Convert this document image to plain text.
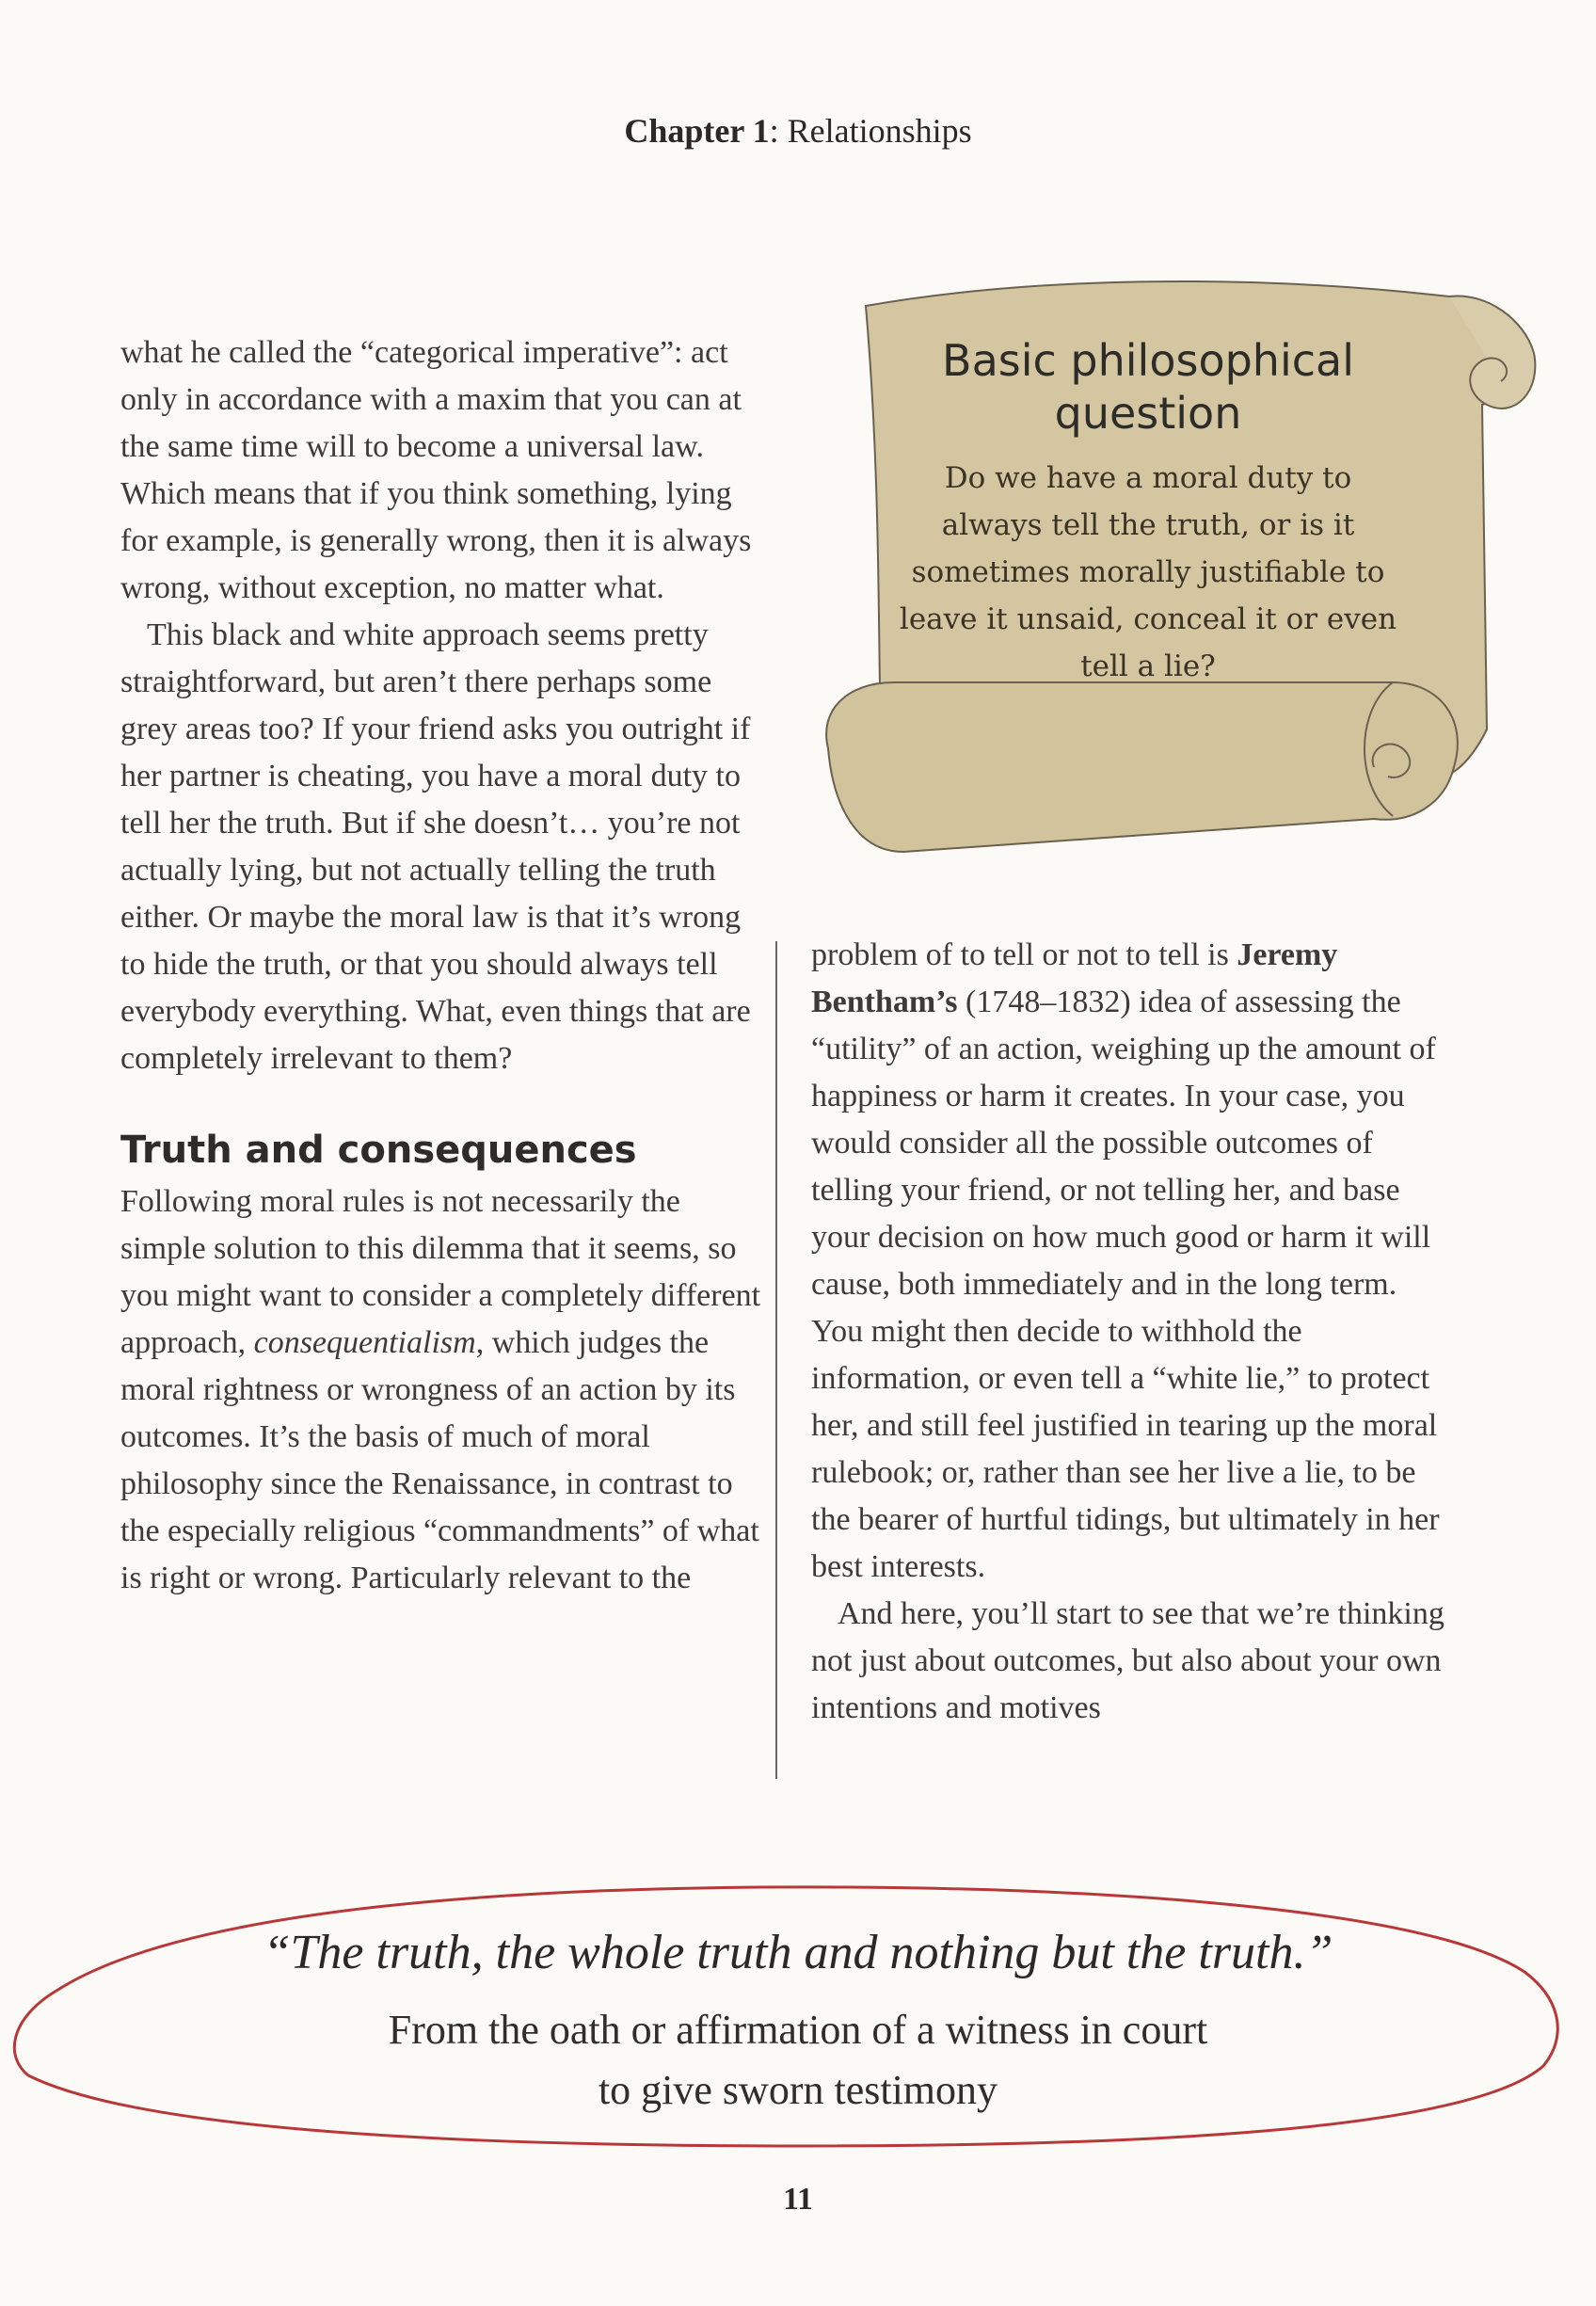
Chapter 1: Relationships
Basic philosophical question
Do we have a moral duty to always tell the truth, or is it sometimes morally justifiable to leave it unsaid, conceal it or even tell a lie?

what he called the “categorical imperative”: act only in accordance with a maxim that you can at the same time will to become a universal law. Which means that if you think something, lying for example, is generally wrong, then it is always wrong, without exception, no matter what.

This black and white approach seems pretty straightforward, but aren’t there perhaps some grey areas too? If your friend asks you outright if her partner is cheating, you have a moral duty to tell her the truth. But if she doesn’t… you’re not actually lying, but not actually telling the truth either. Or maybe the moral law is that it’s wrong to hide the truth, or that you should always tell everybody everything. What, even things that are completely irrelevant to them?

Truth and consequences

Following moral rules is not necessarily the simple solution to this dilemma that it seems, so you might want to consider a completely different approach, consequentialism, which judges the moral rightness or wrongness of an action by its outcomes. It’s the basis of much of moral philosophy since the Renaissance, in contrast to the especially religious “commandments” of what is right or wrong. Particularly relevant to the

problem of to tell or not to tell is Jeremy Bentham’s (1748–1832) idea of assessing the “utility” of an action, weighing up the amount of happiness or harm it creates. In your case, you would consider all the possible outcomes of telling your friend, or not telling her, and base your decision on how much good or harm it will cause, both immediately and in the long term. You might then decide to withhold the information, or even tell a “white lie,” to protect her, and still feel justified in tearing up the moral rulebook; or, rather than see her live a lie, to be the bearer of hurtful tidings, but ultimately in her best interests.

And here, you’ll start to see that we’re thinking not just about outcomes, but also about your own intentions and motives

“The truth, the whole truth and nothing but the truth.”
From the oath or affirmation of a witness in court
to give sworn testimony
11
